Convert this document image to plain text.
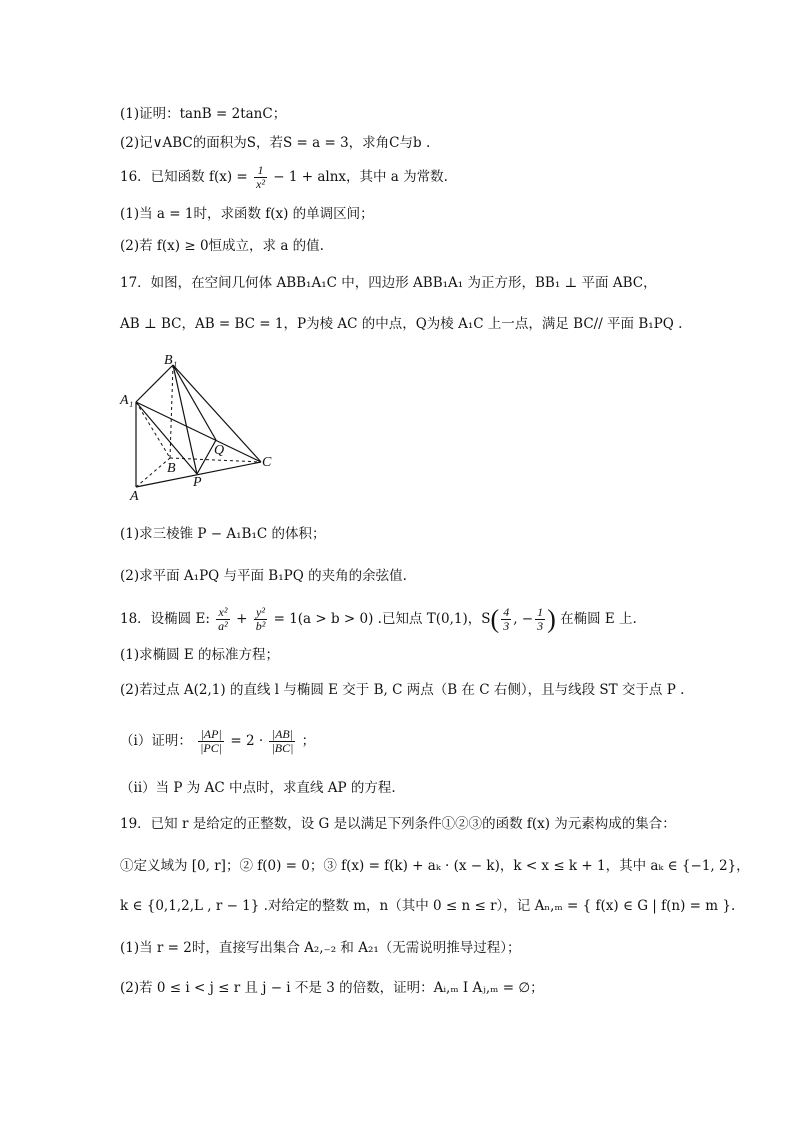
(1)证明：tanB = 2tanC；
(2)记∨ABC的面积为S，若S = a = 3，求角C与b .
16．已知函数 $f(x) = \frac{1}{\text{x²}} - 1 + alnx$，其中 a 为常数.
(1)当 a = 1时，求函数 f(x) 的单调区间；
(2)若 f(x) ≥ 0恒成立，求 a 的值.
17．如图，在空间几何体 ABB₁A₁C 中，四边形 ABB₁A₁ 为正方形，BB₁ ⊥ 平面 ABC，
AB ⊥ BC，AB = BC = 1，P为棱 AC 的中点，Q为棱 A₁C 上一点，满足 BC// 平面 B₁PQ .
B₁
A₁
Q
B	C
P
A
(1)求三棱锥 P − A₁B₁C 的体积；
(2)求平面 A₁PQ 与平面 B₁PQ 的夹角的余弦值.
18．设椭圆 E: $\frac{\text{x²}}{\text{a²}} + \frac{\text{y²}}{\text{b²}} = 1(a > b > 0)$ .已知点 T(0,1)，$S( \frac{4}{3}$ , − $\frac{1}{3}$ ) 在椭圆 E 上.
(1)求椭圆 E 的标准方程；
(2)若过点 A(2,1) 的直线 l 与椭圆 E 交于 B, C 两点（B 在 C 右侧），且与线段 ST 交于点 P .
（i）证明： $\frac{|AP|}{|PC|} = 2 \cdot \frac{|AB|}{|BC|}$ ；
（ii）当 P 为 AC 中点时，求直线 AP 的方程.
19．已知 r 是给定的正整数，设 G 是以满足下列条件①②③的函数 f(x) 为元素构成的集合：
①定义域为 [0, r]；② f(0) = 0；③ f(x) = f(k) + aₖ · (x − k)，k < x ≤ k + 1，其中 aₖ ∈ {−1, 2}，
k ∈ {0,1,2,L , r − 1} .对给定的整数 m，n（其中 0 ≤ n ≤ r），记 Aₙ,ₘ = { f(x) ∈ G | f(n) = m }.
(1)当 r = 2时，直接写出集合 A₂,₋₂ 和 A₂₁（无需说明推导过程）；
(2)若 0 ≤ i < j ≤ r 且 j − i 不是 3 的倍数，证明：Aᵢ,ₘ I Aⱼ,ₘ = ∅；
